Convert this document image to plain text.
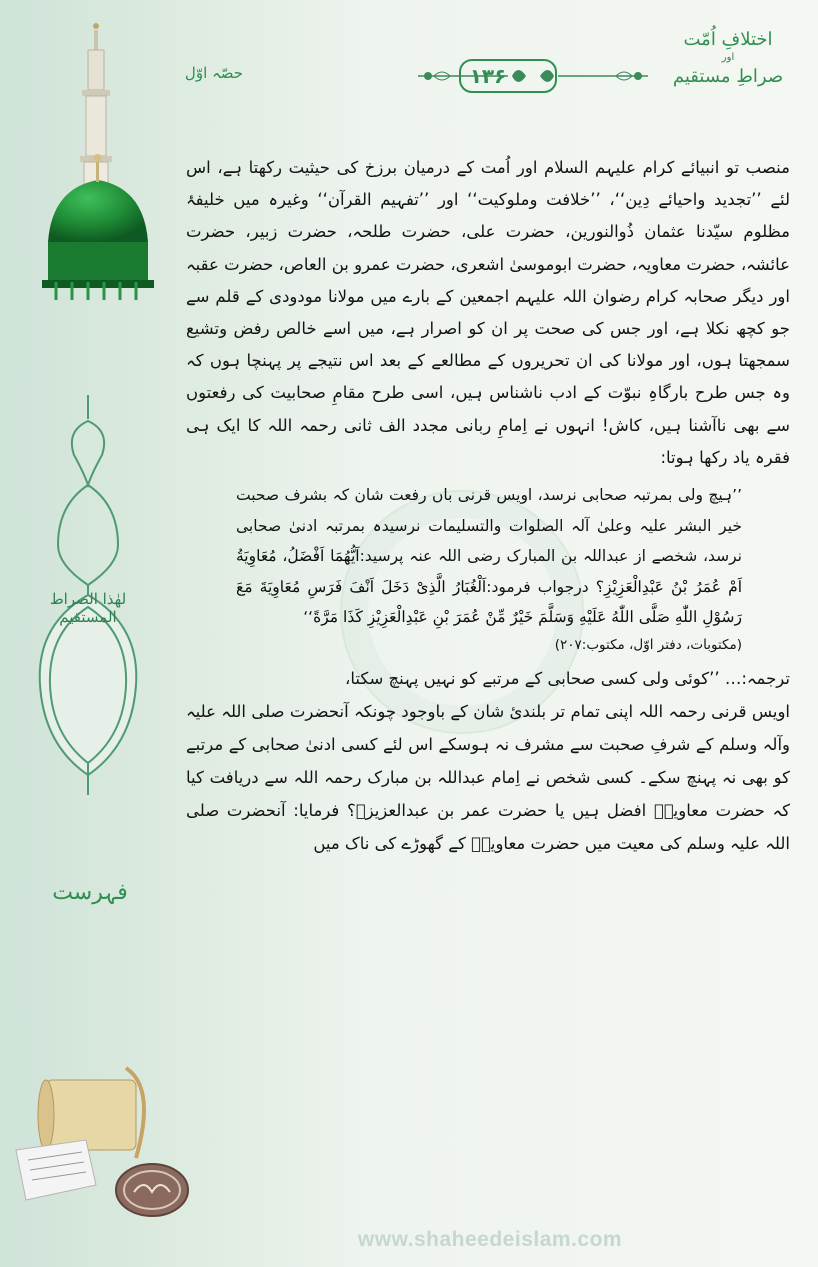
اختلافِ اُمّت
اور
صراطِ مستقیم
۱۳۶
حصّہ اوّل
لھٰذا الصراط المستقیم
فہرست

منصب تو انبیائے کرام علیہم السلام اور اُمت کے درمیان برزخ کی حیثیت رکھتا ہے، اس لئے ’’تجدید واحیائے دِین‘‘، ’’خلافت وملوکیت‘‘ اور ’’تفہیم القرآن‘‘ وغیرہ میں خلیفۂ مظلوم سیّدنا عثمان ذُوالنورین، حضرت علی، حضرت طلحہ، حضرت زبیر، حضرت عائشہ، حضرت معاویہ، حضرت ابوموسیٰ اشعری، حضرت عمرو بن العاص، حضرت عقبہ اور دیگر صحابہ کرام رضوان اللہ علیہم اجمعین کے بارے میں مولانا مودودی کے قلم سے جو کچھ نکلا ہے، اور جس کی صحت پر ان کو اصرار ہے، میں اسے خالص رفض وتشیع سمجھتا ہوں، اور مولانا کی ان تحریروں کے مطالعے کے بعد اس نتیجے پر پہنچا ہوں کہ وہ جس طرح بارگاہِ نبوّت کے ادب ناشناس ہیں، اسی طرح مقامِ صحابیت کی رفعتوں سے بھی ناآشنا ہیں، کاش! انہوں نے اِمامِ ربانی مجدد الف ثانی رحمہ اللہ کا ایک ہی فقرہ یاد رکھا ہوتا:

’’ہیچ ولی بمرتبہ صحابی نرسد، اویس قرنی باں رفعت شان کہ بشرف صحبت خیر البشر علیہ وعلیٰ آلہ الصلوات والتسلیمات نرسیدہ بمرتبہ ادنیٰ صحابی نرسد، شخصے از عبداللہ بن المبارک رضی اللہ عنہ پرسید:اَیُّهُمَا اَفْضَلُ، مُعَاوِیَةُ اَمْ عُمَرُ بْنُ عَبْدِالْعَزِیْزِ؟ درجواب فرمود:اَلْغُبَارُ الَّذِیْ دَخَلَ اَنْفَ فَرَسِ مُعَاوِیَةَ مَعَ رَسُوْلِ اللّٰهِ صَلَّی اللّٰهُ عَلَیْهِ وَسَلَّمَ خَیْرٌ مِّنْ عُمَرَ بْنِ عَبْدِالْعَزِیْزِ کَذَا مَرَّةً‘‘

(مکتوبات، دفتر اوّل، مکتوب:۲۰۷)

ترجمہ:… ’’کوئی ولی کسی صحابی کے مرتبے کو نہیں پہنچ سکتا،

اویس قرنی رحمہ اللہ اپنی تمام تر بلندیٔ شان کے باوجود چونکہ آنحضرت صلی اللہ علیہ وآلہ وسلم کے شرفِ صحبت سے مشرف نہ ہوسکے اس لئے کسی ادنیٰ صحابی کے مرتبے کو بھی نہ پہنچ سکے۔ کسی شخص نے اِمام عبداللہ بن مبارک رحمہ اللہ سے دریافت کیا کہ حضرت معاویہؓ افضل ہیں یا حضرت عمر بن عبدالعزیزؒ؟ فرمایا: آنحضرت صلی اللہ علیہ وسلم کی معیت میں حضرت معاویہؓ کے گھوڑے کی ناک میں

www.shaheedeislam.com
